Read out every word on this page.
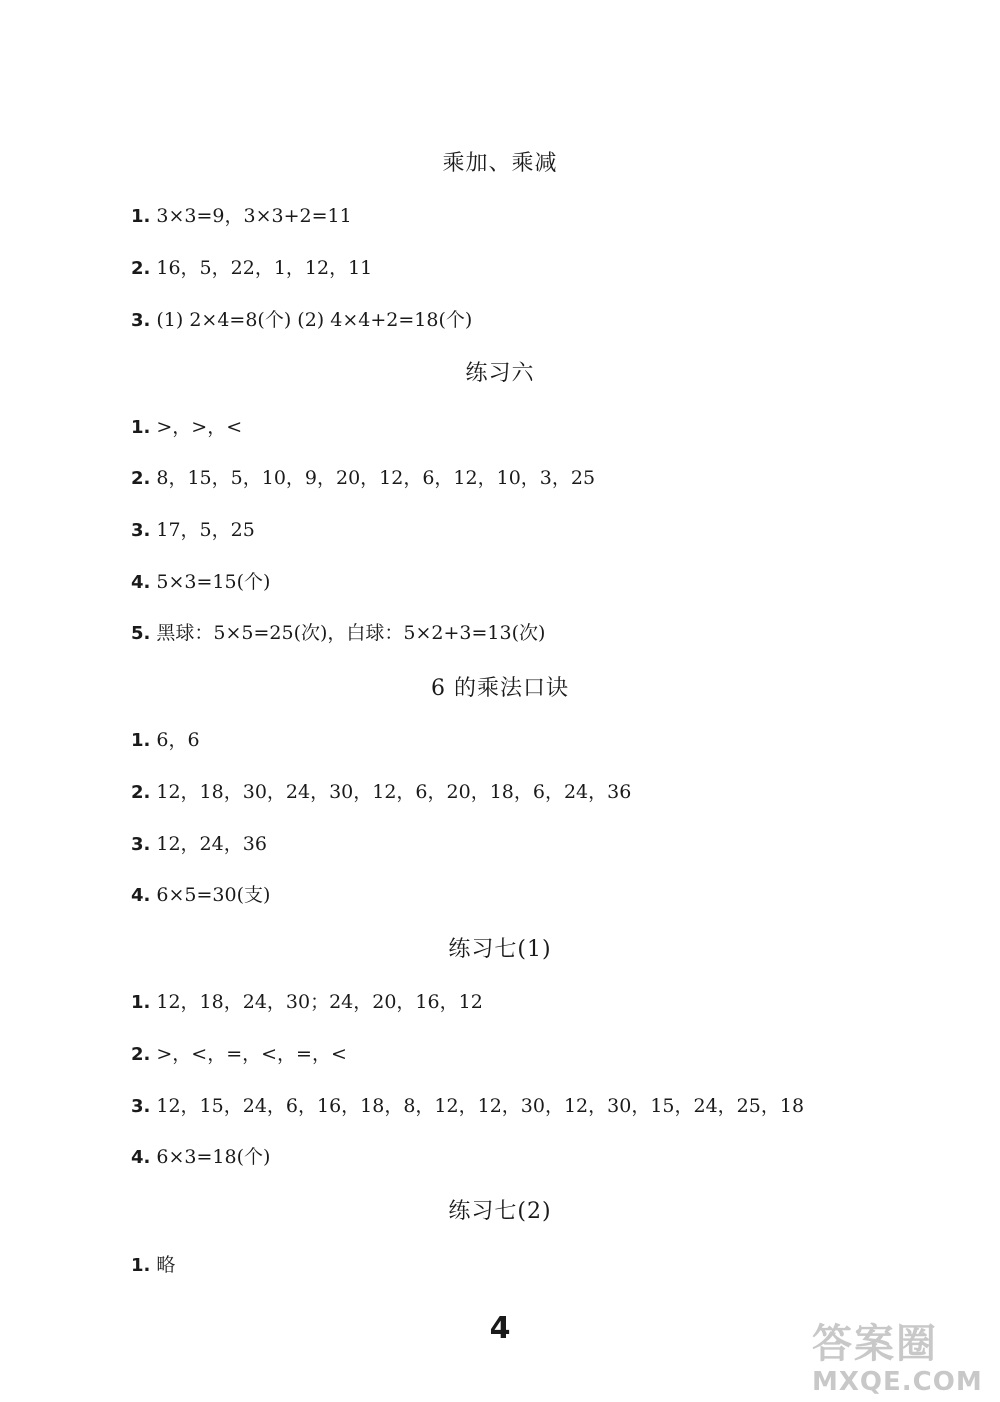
乘加、乘减
1. 3×3=9，3×3+2=11
2. 16，5，22，1，12，11
3. (1) 2×4=8(个) (2) 4×4+2=18(个)
练习六
1. >，>，<
2. 8，15，5，10，9，20，12，6，12，10，3，25
3. 17，5，25
4. 5×3=15(个)
5. 黑球：5×5=25(次)，白球：5×2+3=13(次)
6 的乘法口诀
1. 6，6
2. 12，18，30，24，30，12，6，20，18，6，24，36
3. 12，24，36
4. 6×5=30(支)
练习七(1)
1. 12，18，24，30；24，20，16，12
2. >，<，=，<，=，<
3. 12，15，24，6，16，18，8，12，12，30，12，30，15，24，25，18
4. 6×3=18(个)
练习七(2)
1. 略
4	答案圈
MXQE.COM
